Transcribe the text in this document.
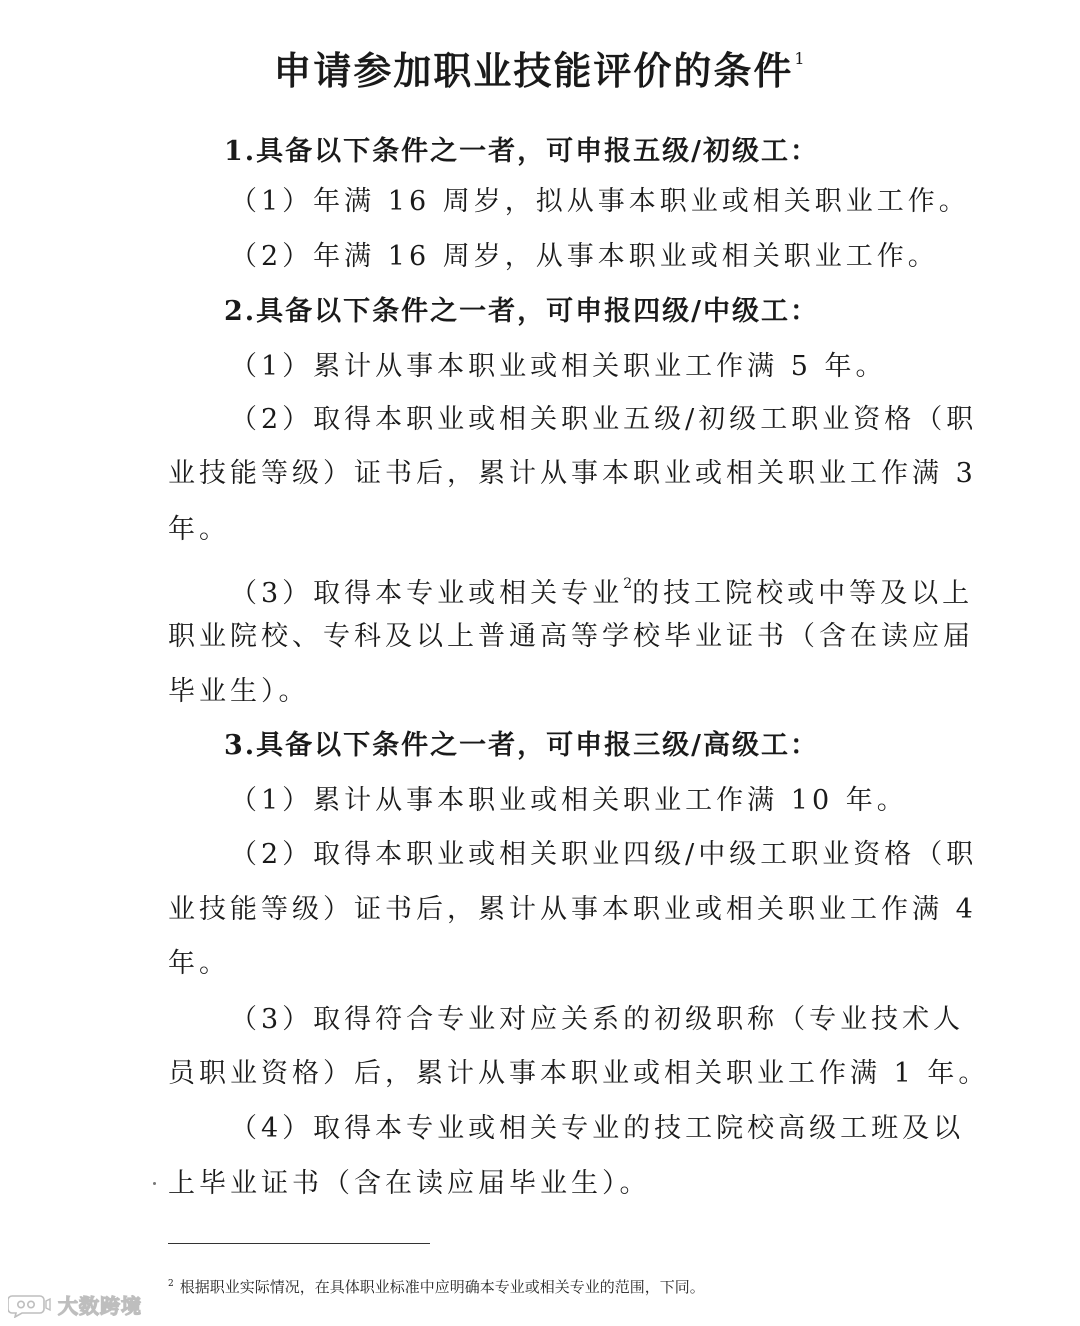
申请参加职业技能评价的条件$^1$
1.具备以下条件之一者，可申报五级/初级工：
（1）年满 16 周岁，拟从事本职业或相关职业工作。
（2）年满 16 周岁，从事本职业或相关职业工作。
2.具备以下条件之一者，可申报四级/中级工：
（1）累计从事本职业或相关职业工作满 5 年。
（2）取得本职业或相关职业五级/初级工职业资格（职
业技能等级）证书后，累计从事本职业或相关职业工作满 3
年。
（3）取得本专业或相关专业$^2$的技工院校或中等及以上
职业院校、专科及以上普通高等学校毕业证书（含在读应届
毕业生）。
3.具备以下条件之一者，可申报三级/高级工：
（1）累计从事本职业或相关职业工作满 10 年。
（2）取得本职业或相关职业四级/中级工职业资格（职
业技能等级）证书后，累计从事本职业或相关职业工作满 4
年。
（3）取得符合专业对应关系的初级职称（专业技术人
员职业资格）后，累计从事本职业或相关职业工作满 1 年。
（4）取得本专业或相关专业的技工院校高级工班及以
上毕业证书（含在读应届毕业生）。
$^2$ 根据职业实际情况，在具体职业标准中应明确本专业或相关专业的范围，下同。
大数跨境
